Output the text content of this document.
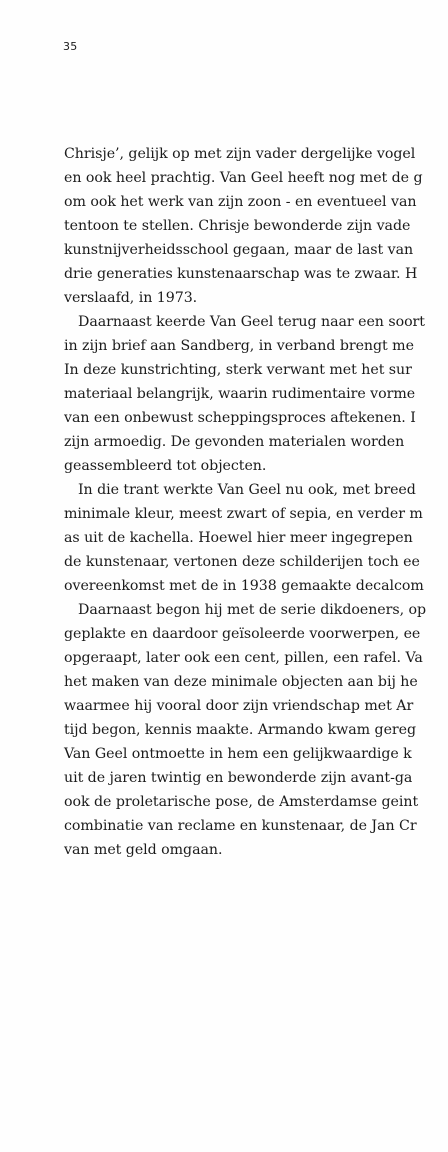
35
Chrisje’, gelijk op met zijn vader dergelijke vogel
en ook heel prachtig. Van Geel heeft nog met de g
om ook het werk van zijn zoon - en eventueel van
tentoon te stellen. Chrisje bewonderde zijn vade
kunstnijverheidsschool gegaan, maar de last van
drie generaties kunstenaarschap was te zwaar. H
verslaafd, in 1973.
Daarnaast keerde Van Geel terug naar een soort
in zijn brief aan Sandberg, in verband brengt me
In deze kunstrichting, sterk verwant met het sur
materiaal belangrijk, waarin rudimentaire vorme
van een onbewust scheppingsproces aftekenen. I
zijn armoedig. De gevonden materialen worden
geassembleerd tot objecten.
In die trant werkte Van Geel nu ook, met breed
minimale kleur, meest zwart of sepia, en verder m
as uit de kachella. Hoewel hier meer ingegrepen
de kunstenaar, vertonen deze schilderijen toch ee
overeenkomst met de in 1938 gemaakte decalcom
Daarnaast begon hij met de serie dikdoeners, op
geplakte en daardoor geïsoleerde voorwerpen, ee
opgeraapt, later ook een cent, pillen, een rafel. Va
het maken van deze minimale objecten aan bij he
waarmee hij vooral door zijn vriendschap met Ar
tijd begon, kennis maakte. Armando kwam gereg
Van Geel ontmoette in hem een gelijkwaardige k
uit de jaren twintig en bewonderde zijn avant-ga
ook de proletarische pose, de Amsterdamse geint
combinatie van reclame en kunstenaar, de Jan Cr
van met geld omgaan.
